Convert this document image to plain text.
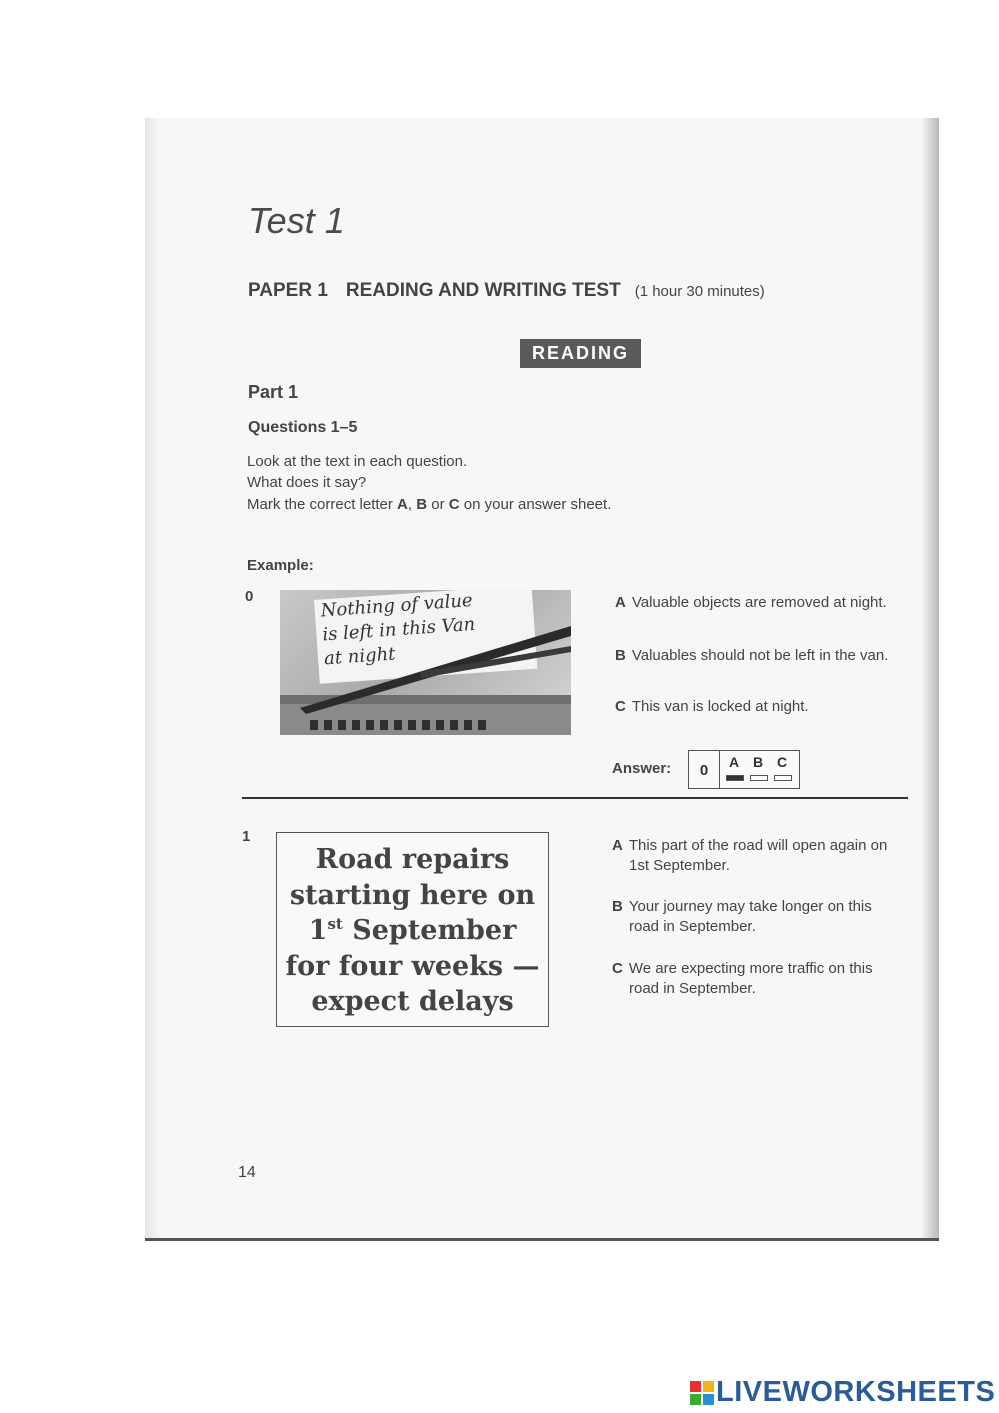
Test 1
PAPER 1 READING AND WRITING TEST (1 hour 30 minutes)
READING
Part 1
Questions 1–5
Look at the text in each question.
What does it say?
Mark the correct letter A, B or C on your answer sheet.
Example:
0	Nothing of value
is left in this Van
at night
A Valuable objects are removed at night.
B Valuables should not be left in the van.
C This van is locked at night.
Answer:	0	A B C
1
Road repairs
starting here on
1st September
for four weeks —
expect delays
A This part of the road will open again on
1st September.
B Your journey may take longer on this
road in September.
C We are expecting more traffic on this
road in September.
14
LIVEWORKSHEETS
